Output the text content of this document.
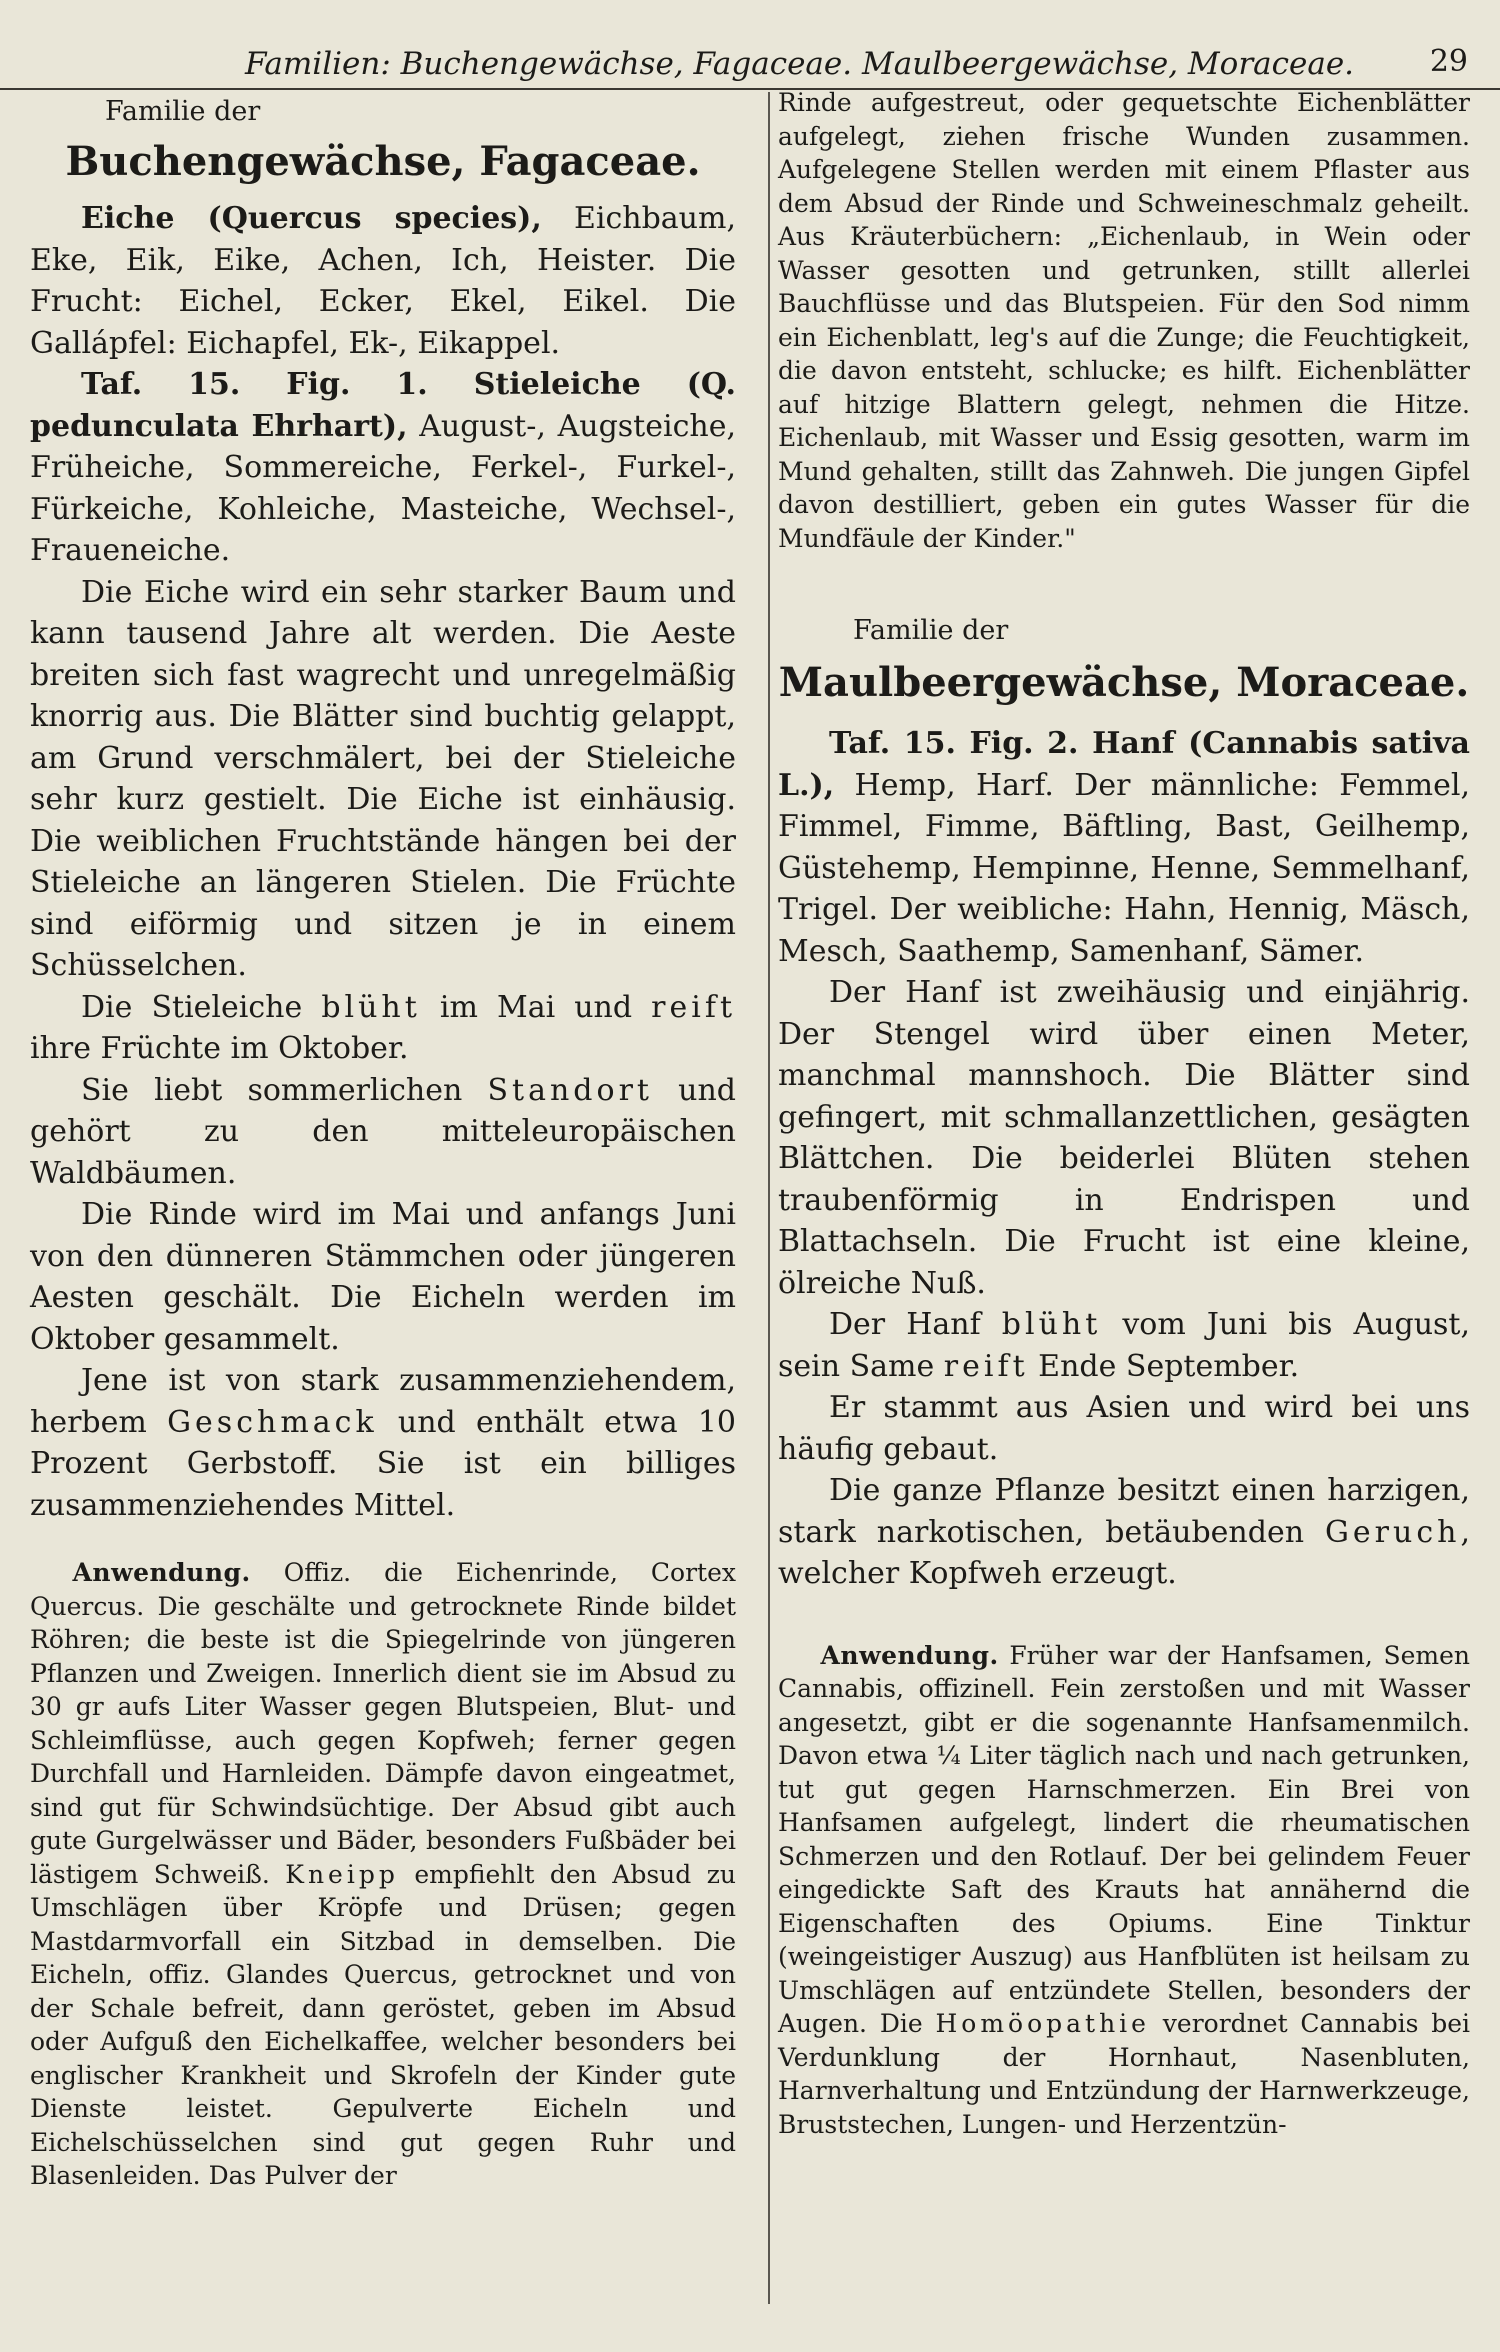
Familien: Buchengewächse, Fagaceae. Maulbeergewächse, Moraceae.	29
Familie der
Buchengewächse, Fagaceae.

Eiche (Quercus species), Eichbaum, Eke, Eik, Eike, Achen, Ich, Heister. Die Frucht: Eichel, Ecker, Ekel, Eikel. Die Gallápfel: Eichapfel, Ek-, Eikappel.

Taf. 15. Fig. 1. Stieleiche (Q. pedunculata Ehrhart), August-, Augsteiche, Früheiche, Sommereiche, Ferkel-, Furkel-, Fürkeiche, Kohleiche, Masteiche, Wechsel-, Fraueneiche.

Die Eiche wird ein sehr starker Baum und kann tausend Jahre alt werden. Die Aeste breiten sich fast wagrecht und unregelmäßig knorrig aus. Die Blätter sind buchtig gelappt, am Grund verschmälert, bei der Stieleiche sehr kurz gestielt. Die Eiche ist einhäusig. Die weiblichen Fruchtstände hängen bei der Stieleiche an längeren Stielen. Die Früchte sind eiförmig und sitzen je in einem Schüsselchen.

Die Stieleiche blüht im Mai und reift ihre Früchte im Oktober.

Sie liebt sommerlichen Standort und gehört zu den mitteleuropäischen Waldbäumen.

Die Rinde wird im Mai und anfangs Juni von den dünneren Stämmchen oder jüngeren Aesten geschält. Die Eicheln werden im Oktober gesammelt.

Jene ist von stark zusammenziehendem, herbem Geschmack und enthält etwa 10 Prozent Gerbstoff. Sie ist ein billiges zusammenziehendes Mittel.

Anwendung. Offiz. die Eichenrinde, Cortex Quercus. Die geschälte und getrocknete Rinde bildet Röhren; die beste ist die Spiegelrinde von jüngeren Pflanzen und Zweigen. Innerlich dient sie im Absud zu 30 gr aufs Liter Wasser gegen Blutspeien, Blut- und Schleimflüsse, auch gegen Kopfweh; ferner gegen Durchfall und Harnleiden. Dämpfe davon eingeatmet, sind gut für Schwindsüchtige. Der Absud gibt auch gute Gurgelwässer und Bäder, besonders Fußbäder bei lästigem Schweiß. Kneipp empfiehlt den Absud zu Umschlägen über Kröpfe und Drüsen; gegen Mastdarmvorfall ein Sitzbad in demselben. Die Eicheln, offiz. Glandes Quercus, getrocknet und von der Schale befreit, dann geröstet, geben im Absud oder Aufguß den Eichelkaffee, welcher besonders bei englischer Krankheit und Skrofeln der Kinder gute Dienste leistet. Gepulverte Eicheln und Eichelschüsselchen sind gut gegen Ruhr und Blasenleiden. Das Pulver der

Rinde aufgestreut, oder gequetschte Eichenblätter aufgelegt, ziehen frische Wunden zusammen. Aufgelegene Stellen werden mit einem Pflaster aus dem Absud der Rinde und Schweineschmalz geheilt. Aus Kräuterbüchern: „Eichenlaub, in Wein oder Wasser gesotten und getrunken, stillt allerlei Bauchflüsse und das Blutspeien. Für den Sod nimm ein Eichenblatt, leg's auf die Zunge; die Feuchtigkeit, die davon entsteht, schlucke; es hilft. Eichenblätter auf hitzige Blattern gelegt, nehmen die Hitze. Eichenlaub, mit Wasser und Essig gesotten, warm im Mund gehalten, stillt das Zahnweh. Die jungen Gipfel davon destilliert, geben ein gutes Wasser für die Mundfäule der Kinder."

Familie der
Maulbeergewächse, Moraceae.

Taf. 15. Fig. 2. Hanf (Cannabis sativa L.), Hemp, Harf. Der männliche: Femmel, Fimmel, Fimme, Bäftling, Bast, Geilhemp, Güstehemp, Hempinne, Henne, Semmelhanf, Trigel. Der weibliche: Hahn, Hennig, Mäsch, Mesch, Saathemp, Samenhanf, Sämer.

Der Hanf ist zweihäusig und einjährig. Der Stengel wird über einen Meter, manchmal mannshoch. Die Blätter sind gefingert, mit schmallanzettlichen, gesägten Blättchen. Die beiderlei Blüten stehen traubenförmig in Endrispen und Blattachseln. Die Frucht ist eine kleine, ölreiche Nuß.

Der Hanf blüht vom Juni bis August, sein Same reift Ende September.

Er stammt aus Asien und wird bei uns häufig gebaut.

Die ganze Pflanze besitzt einen harzigen, stark narkotischen, betäubenden Geruch, welcher Kopfweh erzeugt.

Anwendung. Früher war der Hanfsamen, Semen Cannabis, offizinell. Fein zerstoßen und mit Wasser angesetzt, gibt er die sogenannte Hanfsamenmilch. Davon etwa ¼ Liter täglich nach und nach getrunken, tut gut gegen Harnschmerzen. Ein Brei von Hanfsamen aufgelegt, lindert die rheumatischen Schmerzen und den Rotlauf. Der bei gelindem Feuer eingedickte Saft des Krauts hat annähernd die Eigenschaften des Opiums. Eine Tinktur (weingeistiger Auszug) aus Hanfblüten ist heilsam zu Umschlägen auf entzündete Stellen, besonders der Augen. Die Homöopathie verordnet Cannabis bei Verdunklung der Hornhaut, Nasenbluten, Harnverhaltung und Entzündung der Harnwerkzeuge, Bruststechen, Lungen- und Herzentzün-
